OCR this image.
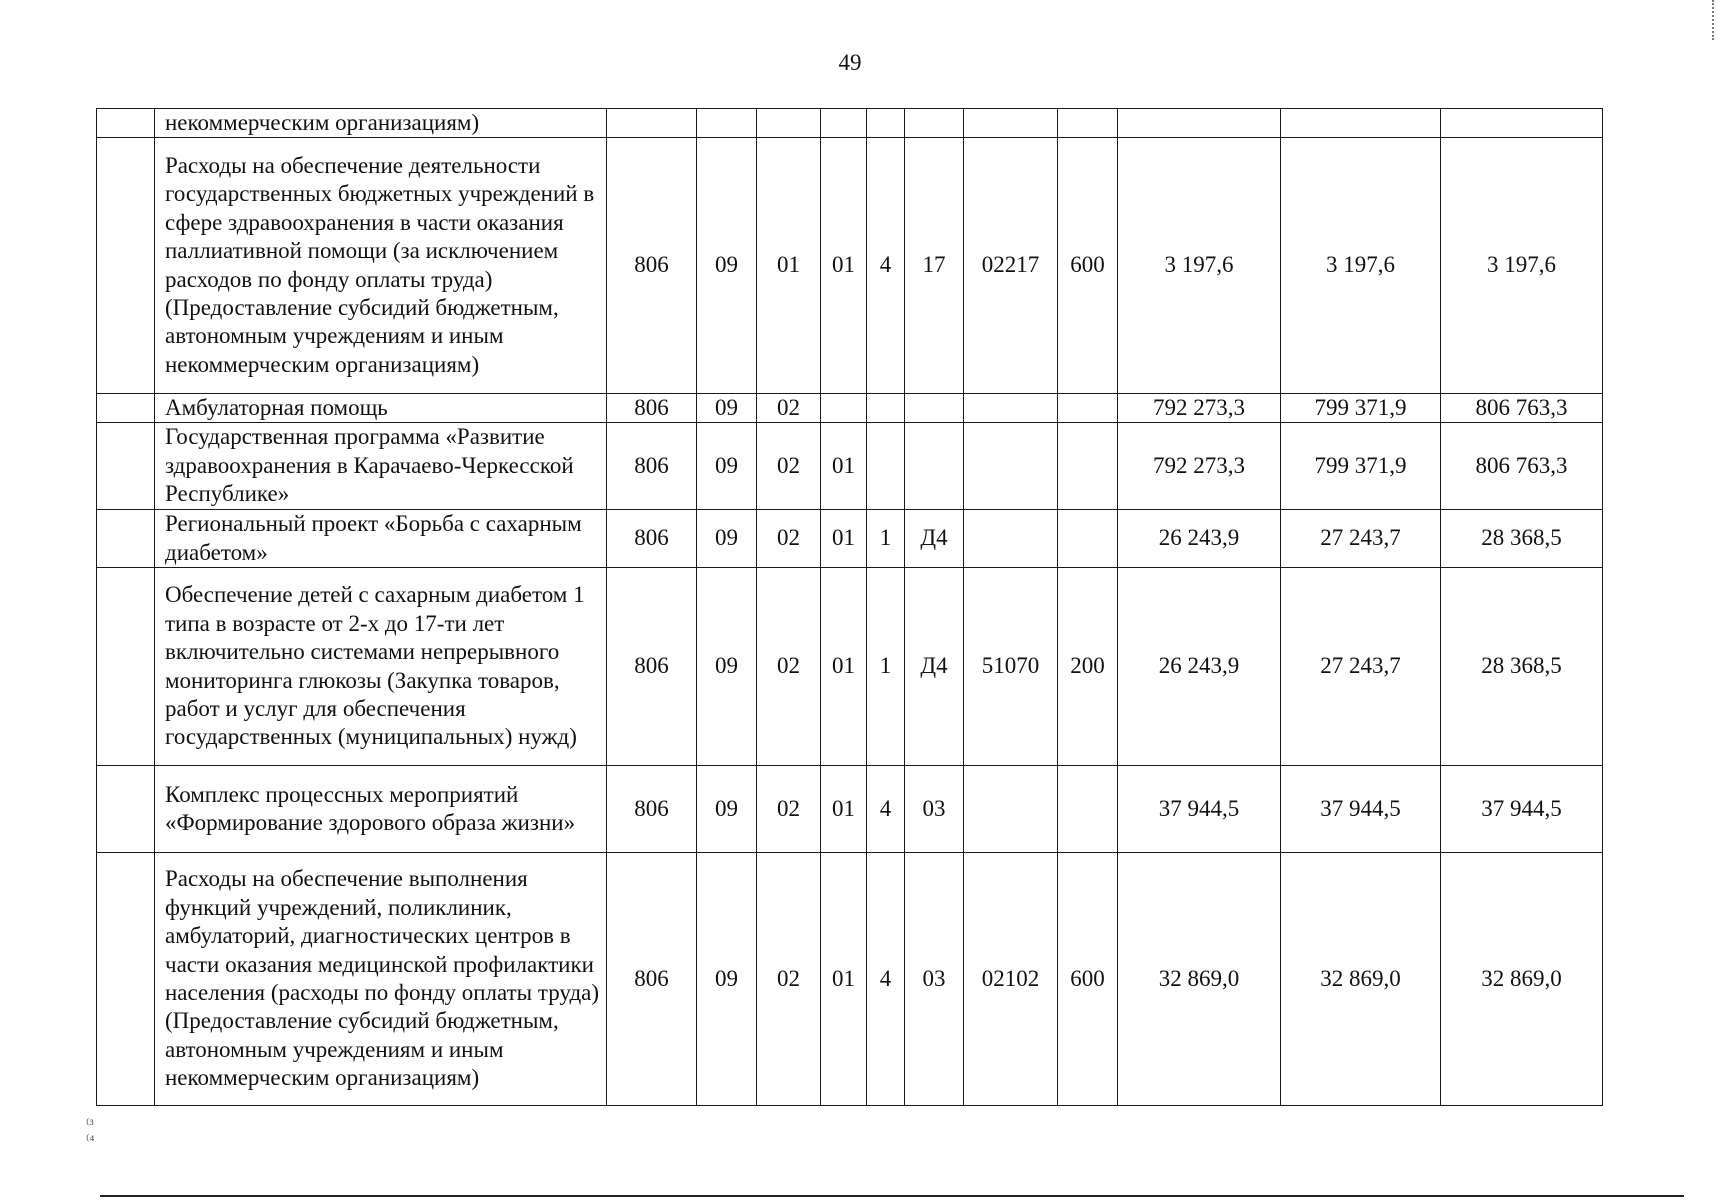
49
	некоммерческим организациям)											
	Расходы на обеспечение деятельности государственных бюджетных учреждений в сфере здравоохранения в части оказания паллиативной помощи (за исключением расходов по фонду оплаты труда) (Предоставление субсидий бюджетным, автономным учреждениям и иным некоммерческим организациям)	806	09	01	01	4	17	02217	600	3 197,6	3 197,6	3 197,6
	Амбулаторная помощь	806	09	02						792 273,3	799 371,9	806 763,3
	Государственная программа «Развитие здравоохранения в Карачаево-Черкесской Республике»	806	09	02	01					792 273,3	799 371,9	806 763,3
	Региональный проект «Борьба с сахарным диабетом»	806	09	02	01	1	Д4			26 243,9	27 243,7	28 368,5
	Обеспечение детей с сахарным диабетом 1 типа в возрасте от 2-х до 17-ти лет включительно системами непрерывного мониторинга глюкозы (Закупка товаров, работ и услуг для обеспечения государственных (муниципальных) нужд)	806	09	02	01	1	Д4	51070	200	26 243,9	27 243,7	28 368,5
	Комплекс процессных мероприятий «Формирование здорового образа жизни»	806	09	02	01	4	03			37 944,5	37 944,5	37 944,5
	Расходы на обеспечение выполнения функций учреждений, поликлиник, амбулаторий, диагностических центров в части оказания медицинской профилактики населения (расходы по фонду оплаты труда) (Предоставление субсидий бюджетным, автономным учреждениям и иным некоммерческим организациям)	806	09	02	01	4	03	02102	600	32 869,0	32 869,0	32 869,0
⁽³
⁽⁴
